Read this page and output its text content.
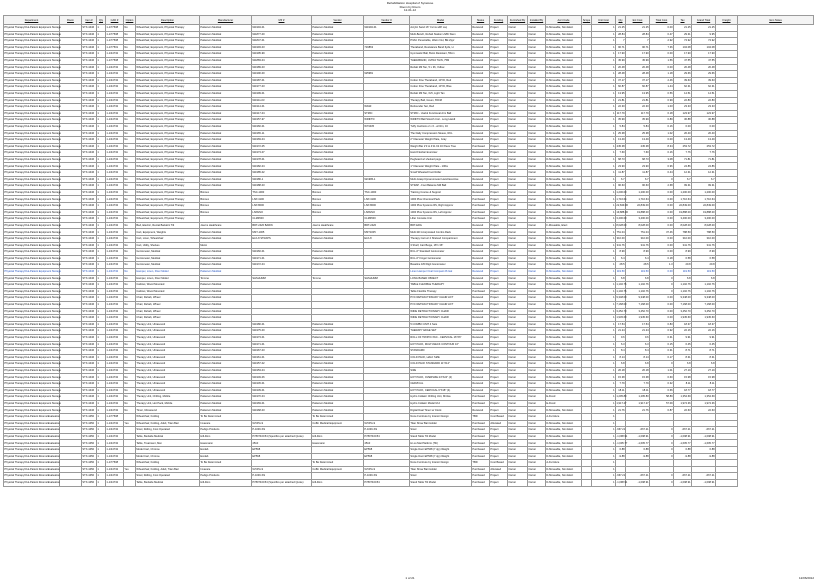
Rehabilitation Hospital of Syracuse
Room by Room
12-01-12
Department	Room	Item #	Qty	CAD #	Option	Description	Manufacturer	Mfr #	Vendor	Vendor #	Model	Status	Funding	Furnished By	Installed By	Acct Code	Scope	Unit Cost	Qty	Ext Cost	Total Cost	Tax	Grand Total	Freight	Item Notes
Physical Therapy/Out-Patient Equipment Storage		STX-4446	1	1-1/77508	No	Wheelchair, Equipment, Physical Therapy	Patterson Medical	911994-01	Patterson Medical	911994-01	Acrylic Sand 16" Cvrns wRf Lsq	Received	Project	Owner	Owner	D-Moveable, Non Elect		1	21.25	21.25	0.00	21.25	21.25		
Physical Therapy/Out-Patient Equipment Storage		STX-4446	1	1-1/77508	No	Wheelchair, Equipment, Physical Therapy	Patterson Medical	911877-00	Patterson Medical		Multi-Bench, Rehab Station Lft/Rt Stem	Received	Project	Owner	Owner	D-Moveable, Non Elect		1	28.84	28.84	0.47	29.31	9.95		
Physical Therapy/Out-Patient Equipment Storage		STX-4446	1	1-1/77508	No	Wheelchair, Equipment, Physical Therapy	Patterson Medical	911847-01	Patterson Medical		PVAC Penetrable, Warm Nul, Blk Zppr	Received	Project	Owner	Owner	D-Moveable, Non Elect		1	7	7	2.92	74.92	74.92		
Physical Therapy/Out-Patient Equipment Storage		STX-4446	1	1-1/77501	No	Wheelchair, Equipment, Physical Therapy	Patterson Medical	911993-03	Patterson Medical	716863	Theraband, Resistance Band 6yds, Lt	Received	Project	Owner	Owner	D-Moveable, Non Elect		1	96.71	96.71	7.36	104.08	104.08		
Physical Therapy/Out-Patient Equipment Storage		STX-4446	1	1-1/44732	No	Wheelchair, Equipment, Physical Therapy	Patterson Medical	911995-99	Patterson Medical		Gymnastic Ball, Burst Resistant, 55cm	Received	Project	Owner	Owner	D-Moveable, Non Elect		1	17.90	17.90	0.00	17.90	17.90		
Physical Therapy/Out-Patient Equipment Storage		STX-4446	1	1-1/77508	No	Wheelchair, Equipment, Physical Therapy	Patterson Medical	911883-04	Patterson Medical		THERABAND, ULTRA THIN, 75M	Received	Project	Owner	Owner	D-Moveable, Non Elect		1	45.99	45.99	1.56	47.55	47.55		
Physical Therapy/Out-Patient Equipment Storage		STX-4446	1	1-1/44732	No	Wheelchair, Equipment, Physical Therapy	Patterson Medical	911989-03	Patterson Medical		Rehab Mtl Tan, 5 x 36, Yellow	Received	Project	Owner	Owner	D-Moveable, Non Elect		1	20.48	20.48	0.00	20.48	20.48		
Physical Therapy/Out-Patient Equipment Storage		STX-4446	1	1-1/44732	No	Wheelchair, Equipment, Physical Therapy	Patterson Medical	911990-00	Patterson Medical	925981		Received	Project	Owner	Owner	D-Moveable, Non Elect		1	28.48	28.48	1.18	29.66	29.66		
Physical Therapy/Out-Patient Equipment Storage		STX-4446	1	1-1/44732	No	Wheelchair, Equipment, Physical Therapy	Patterson Medical	911987-01	Patterson Medical		Cotton Fine Theraband, 10YD, Red	Received	Project	Owner	Owner	D-Moveable, Non Elect		1	37.17	37.17	2.46	39.63	39.63		
Physical Therapy/Out-Patient Equipment Storage		STX-4446	1	1-1/44732	No	Wheelchair, Equipment, Physical Therapy	Patterson Medical	911977-03	Patterson Medical		Cotton Fine Theraband, 10YD, Blue	Received	Project	Owner	Owner	D-Moveable, Non Elect		1	60.87	60.87	1.44	62.31	62.31		
Physical Therapy/Out-Patient Equipment Storage		STX-4446	1	1-1/44732	No	Wheelchair, Equipment, Physical Therapy	Patterson Medical	911999-01	Patterson Medical		Rehab Mtl Tan, 6x5, Light Tan	Received	Project	Owner	Owner	D-Moveable, Non Elect		1	13.95	13.95	0.56	14.51	14.51		
Physical Therapy/Out-Patient Equipment Storage		STX-4446	1	1-1/44732	No	Wheelchair, Equipment, Physical Therapy	Patterson Medical	911911-03	Patterson Medical		Therapy Ball, Green, 65CM	Received	Project	Owner	Owner	D-Moveable, Non Elect		1	21.81	21.81	0.99	22.80	22.80		
Physical Therapy/Out-Patient Equipment Storage		STX-4446	1	1-1/44732	No	Wheelchair, Equipment, Physical Therapy	Patterson Medical	911914-01	Patterson Medical	WA93	Rebounder Set, Red	Received	Project	Owner	Owner	D-Moveable, Non Elect		1	22.30	22.30	1.03	23.33	23.33		
Physical Therapy/Out-Patient Equipment Storage		STX-4446	1	1-1/44732	No	Wheelchair, Equipment, Physical Therapy	Patterson Medical	911917-04	Patterson Medical	STMIC	STMIC - Useful Functional Arm Ball	Received	Project	Owner	Owner	D-Moveable, Non Elect		1	117.79	117.79	6.18	123.97	123.97		
Physical Therapy/Out-Patient Equipment Storage		STX-4446	1	1-1/44732	No	Wheelchair, Equipment, Physical Therapy	Patterson Medical	911957-97	Patterson Medical	WRIFTD	WRIFTD Ball Stretch Coil - Long Handl	Received	Project	Owner	Owner	D-Moveable, Non Elect		1	35.99	35.99	0.89	36.88	36.88		
Physical Therapy/Out-Patient Equipment Storage		STX-4446	1	1-1/44732	No	Wheelchair, Equipment, Physical Therapy	Patterson Medical	911960-01	Patterson Medical	W73435	Tuffy Cushions 2 x 6 - w/ Rm, 16	Received	Project	Owner	Owner	D-Moveable, Non Elect		1	5.84	5.84	0.16	6.00	6.00		
Physical Therapy/Out-Patient Equipment Storage		STX-4446	1	1-1/44732	No	Wheelchair, Equipment, Physical Therapy	Patterson Medical	911965-11	Patterson Medical		The Daily Compression Sleeve, RCL	Received	Project	Owner	Owner	D-Moveable, Non Elect		1	25.38	25.38	1.02	26.40	26.40		
Physical Therapy/Out-Patient Equipment Storage		STX-4446	1	1-1/44732	No	Wheelchair, Equipment, Physical Therapy	Patterson Medical	911969-04	Patterson Medical		2" Diameter Weight Plate, Gray	Received	Project	Owner	Owner	D-Moveable, Non Elect		1	13.49	13.49	0.00	13.49	13.49		
Physical Therapy/Out-Patient Equipment Storage		STX-4446	1	1-1/44732	No	Wheelchair, Equipment, Physical Therapy	Patterson Medical	911972-05	Patterson Medical		Weight Bar 2'3 to 4'11 Kit 16 Piece Tree	Purchased	Project	Owner	Owner	D-Moveable, Non Elect		1	245.38	245.38	8.34	253.72	253.72		
Physical Therapy/Out-Patient Equipment Storage		STX-4446	1	1-1/44732	No	Wheelchair, Equipment, Physical Therapy	Patterson Medical	911973-07	Patterson Medical		Hand Flexbar Exerciser	Received	Project	Owner	Owner	D-Moveable, Non Elect		1	7.60	7.60	0.16	7.76	7.76		
Physical Therapy/Out-Patient Equipment Storage		STX-4446	1	1-1/44732	No	Wheelchair, Equipment, Physical Therapy	Patterson Medical	911978-01	Patterson Medical		Pegboard w/ shelved pegs	Received	Project	Owner	Owner	D-Moveable, Non Elect		1	68.73	68.73	3.08	71.81	71.81		
Physical Therapy/Out-Patient Equipment Storage		STX-4446	1	1-1/44732	No	Wheelchair, Equipment, Physical Therapy	Patterson Medical	911982-04	Patterson Medical		1" Diameter Weight Plate - 10lbs	Received	Project	Owner	Owner	D-Moveable, Non Elect		1	23.90	23.90	0.96	24.86	24.86		
Physical Therapy/Out-Patient Equipment Storage		STX-4446	1	1-1/44732	No	Wheelchair, Equipment, Physical Therapy	Patterson Medical	911985-02	Patterson Medical		Small Wheeled Foot Roller	Received	Project	Owner	Owner	D-Moveable, Non Elect		1	11.87	11.87	0.44	12.31	12.31		
Physical Therapy/Out-Patient Equipment Storage		STX-4446	1	1-1/44732	No	Wheelchair, Equipment, Physical Therapy	Patterson Medical	911986-1	Patterson Medical	921995-1	Multi-Grasp Dynamometer Hand Exercise	Received	Project	Owner	Owner	D-Moveable, Non Elect		1	6.7	6.7	0	6.7	6.7		
Physical Therapy/Out-Patient Equipment Storage		STX-4446	1	1-1/44732	No	Wheelchair, Equipment, Physical Therapy	Patterson Medical	911988-03	Patterson Medical		STRAP - Foot Balance Mill Ball	Received	Project	Owner	Owner	D-Moveable, Non Elect		1	96.63	96.63	2.68	99.31	99.31		
Physical Therapy/Out-Patient Equipment Storage		STX-4446	1	1-1/44732	No	Wheelchair, Equipment, Physical Therapy	Biomex	TSC-1000	Biomex	TSC-1000	Training Course & Support	Received	Project	Owner	Owner	D-Moveable, Non Elect		1	1,200.00	1,200.00	0.00	1,200.00	1,200.00		
Physical Therapy/Out-Patient Equipment Storage		STX-4446	1	1-1/44732	No	Wheelchair, Equipment, Physical Therapy	Biomex	LSP-4100	Biomex	LSP-4100	1000 Plus Chemical Pack	Purchased	Project	Owner	Owner	D-Moveable, Non Elect		1	1,716.64	1,716.64	0.00	1,716.64	1,716.64		
Physical Therapy/Out-Patient Equipment Storage		STX-4446	1	1-1/44732	No	Wheelchair, Equipment, Physical Therapy	Biomex	LSP-8000	Biomex	LSP-8000	1000 Plus Systems RS, Right Approv	Purchased	Project	Owner	Owner	D-Moveable, Non Elect		1	22,849.00	22,849.00	0.00	22,849.00	22,849.00		
Physical Therapy/Out-Patient Equipment Storage		STX-4446	1	1-1/44732	No	Wheelchair, Equipment, Physical Therapy	Biomex	LSPHNO	Biomex	LSPHNO	1000 Plus Systems RS, Left Approv	Purchased	Project	Owner	Owner	D-Moveable, Non Elect		1	19,888.00	19,888.00	0.00	19,888.00	19,888.00		
Physical Therapy/Out-Patient Equipment Storage		STX-4446	1	1-1/44732	No	Wheelchair, Equipment, Physical Therapy		CLM4500		CLM4500	Lifter Console Unit	Purchased	Project	Owner	Owner	D-Moveable, Non Elect		1	3,400.00	3,400.00	0.00	3,400.00	3,400.00		
Physical Therapy/Out-Patient Equipment Storage		STX-4446	1	1-1/44732	No	Bed, Electric, Rental Bariatric Tilt	Joerns Healthcare	BRT-2420 BARIN	Joerns Healthcare	BRT-2420	BRT-ERG	Received	Project	Owner	Owner	F-Moveable, Elect		1	8,028.00	8,028.00	0.00	8,028.00	8,028.00		
Physical Therapy/Out-Patient Equipment Storage		STX-4446	1	1-1/44732	No	Cart, Equipment, Weights	Patterson Medical	MST-1005	Patterson Medical	MST1005	Multi-Wt Incorporated Combo Rack	Received	Project	Owner	Owner	D-Moveable, Non Elect		1	751.04	751.04	37.46	788.50	788.50		
Physical Therapy/Out-Patient Equipment Storage		STX-4446	1	1-1/44732	No	Cart, Linen, Wheelchair	Patterson Medical	ELK-8 STRAPS	Patterson Medical	ELK-8	Therapy Cart w/ 4 Shelved Compartment	Received	Project	Owner	Owner	D-Moveable, Non Elect		1	310.00	310.00	0.00	310.00	310.00		
Physical Therapy/Out-Patient Equipment Storage		STX-4446	1	1-1/44732	No	Cart, Utility, Shelves	Metro				3 Shelf, Cart Beige, 18"x 36"	Received	Project	Owner	Owner	D-Moveable, Non Elect		1	341.76	341.76	0.00	341.76	341.76		
Physical Therapy/Out-Patient Equipment Storage		STX-4446	1	1-1/44732	No	Goniometer, Medical	Patterson Medical	911960-01	Patterson Medical		RCL-6" Standard Goniometer	Received	Project	Owner	Owner	D-Moveable, Non Elect		1	8.99	8.99	0.00	8.99	8.99		
Physical Therapy/Out-Patient Equipment Storage		STX-4446	1	1-1/44732	No	Goniometer, Medical	Patterson Medical	911971-01	Patterson Medical		RCL-6" Finger Goniometer	Received	Project	Owner	Owner	D-Moveable, Non Elect		1	6.4	6.4	0.18	6.58	6.58		
Physical Therapy/Out-Patient Equipment Storage		STX-4446	1	1-1/44732	No	Goniometer, Medical	Patterson Medical	911972-04	Patterson Medical		Baseline 180 Digit Goniometer	Received	Project	Owner	Owner	D-Moveable, Non Elect		1	28.5	28.5	1.3	29.8	29.8		
Physical Therapy/Out-Patient Equipment Storage		STX-4446	1	1-1/44732	No	Hamper, Linen, Floor Model	Patterson Medical				Linen Hamper Oval Compact 26 Gal	Received	Project	Owner	Owner	D-Moveable, Non Elect		1	119.50	119.50	0.00	119.50	119.50		
Physical Therapy/Out-Patient Equipment Storage		STX-4446	1	1-1/44732	No	Hamper, Linen, Floor Model	Tomme	SHSHUMM	Tomme	SHSHUMM	LONG BASED OBJECT	Received	Project	Owner	Owner	D-Moveable, Non Elect		1	6.8	6.8	0	6.8	6.8		
Physical Therapy/Out-Patient Equipment Storage		STX-4446	1	1-1/44732	No	Cabinet, Wood Mounted	Patterson Medical				TABLE FLEXIBLE THERAPY	Received	Project	Owner	Owner	D-Moveable, Non Elect		1	1,102.76	1,102.76	0	1,102.76	1,102.76		
Physical Therapy/Out-Patient Equipment Storage		STX-4446	1	1-1/44732	No	Cabinet, Wood Mounted	Patterson Medical				Table Flexible Therapy	Purchased	Project	Owner	Owner	D-Moveable, Non Elect		1	1,102.76	1,102.76	0	1,102.76	1,102.76		
Physical Therapy/Out-Patient Equipment Storage		STX-4446	1	1-1/44732	No	Chair, Rehab, Wheel	Patterson Medical				PVC RETRACTIONARY CHAIR LIFT	Received	Project	Owner	Owner	D-Moveable, Non Elect		1	9,348.00	9,348.00	0.00	9,348.00	9,348.00		
Physical Therapy/Out-Patient Equipment Storage		STX-4446	1	1-1/44732	No	Chair, Rehab, Wheel	Patterson Medical				PVC RETRACTIONARY CHAIR LIFT	Received	Project	Owner	Owner	D-Moveable, Non Elect		1	7,168.00	7,168.00	0.00	7,168.00	7,168.00		
Physical Therapy/Out-Patient Equipment Storage		STX-4446	1	1-1/44732	No	Chair, Rehab, Wheel	Patterson Medical				WIDE RETRACTIONARY CHAIR	Received	Project	Owner	Owner	D-Moveable, Non Elect		1	3,452.70	3,452.70	0.00	3,452.70	3,452.70		
Physical Therapy/Out-Patient Equipment Storage		STX-4446	1	1-1/44732	No	Chair, Rehab, Wheel	Patterson Medical				WIDE RETRACTIONARY CHAIR	Received	Project	Owner	Owner	D-Moveable, Non Elect		1	1,945.60	1,945.60	0.00	1,945.60	1,945.60		
Physical Therapy/Out-Patient Equipment Storage		STX-4446	1	1-1/44732	No	Therapy Unit, Ultrasound	Patterson Medical	911980-01	Patterson Medical		5 COMBO UNIT 4 Sets	Received	Project	Owner	Owner	D-Moveable, Non Elect		1	17.54	17.54	0.83	18.37	18.37		
Physical Therapy/Out-Patient Equipment Storage		STX-4446	1	1-1/44732	No	Therapy Unit, Ultrasound	Patterson Medical	911975-00	Patterson Medical		THERAPY EDGE SET	Received	Project	Owner	Owner	D-Moveable, Non Elect		1	21.24	21.24	0.92	22.16	22.16		
Physical Therapy/Out-Patient Equipment Storage		STX-4446	1	1-1/44732	No	Therapy Unit, Ultrasound	Patterson Medical	911973-01	Patterson Medical		ROLL OF TROPIC PAC - CERVICAL 16"X6"	Received	Project	Owner	Owner	D-Moveable, Non Elect		1	9.6	9.6	0.31	9.91	9.91		
Physical Therapy/Out-Patient Equipment Storage		STX-4446	1	1-1/44732	No	Therapy Unit, Ultrasound	Patterson Medical	911971-01	Patterson Medical		HOT PACK, MULTI-NECK CONTOUR 16"	Received	Project	Owner	Owner	D-Moveable, Non Elect		1	6.3	6.3	0.15	6.45	6.45		
Physical Therapy/Out-Patient Equipment Storage		STX-4446	1	1-1/44732	No	Therapy Unit, Ultrasound	Patterson Medical	911967-03	Patterson Medical		STANDARD	Received	Project	Owner	Owner	D-Moveable, Non Elect		1	8.4	8.4	0.31	8.71	8.71		
Physical Therapy/Out-Patient Equipment Storage		STX-4446	1	1-1/44732	No	Therapy Unit, Ultrasound	Patterson Medical	911961-01	Patterson Medical		COLD PACK, HALF SIZE	Received	Project	Owner	Owner	D-Moveable, Non Elect		1	8.14	8.14	0.17	8.31	8.31		
Physical Therapy/Out-Patient Equipment Storage		STX-4446	1	1-1/44732	No	Therapy Unit, Ultrasound	Patterson Medical	911957-02	Patterson Medical		COLD PACK STANDARD 11"X14"	Received	Project	Owner	Owner	D-Moveable, Non Elect		1	6.8	6.8	0	6.8	6.8		
Physical Therapy/Out-Patient Equipment Storage		STX-4446	1	1-1/44732	No	Therapy Unit, Ultrasound	Patterson Medical	911953-04	Patterson Medical		SIZE	Received	Project	Owner	Owner	D-Moveable, Non Elect		1	26.18	26.18	1.01	27.19	27.19		
Physical Therapy/Out-Patient Equipment Storage		STX-4446	1	1-1/44732	No	Therapy Unit, Ultrasound	Patterson Medical	911949-06	Patterson Medical		HOT PACK, OVERSIZE 24"X24" (4)	Received	Project	Owner	Owner	D-Moveable, Non Elect		1	15.38	15.38	0.60	15.98	15.98		
Physical Therapy/Out-Patient Equipment Storage		STX-4446	1	1-1/44732	No	Therapy Unit, Ultrasound	Patterson Medical	911945-01	Patterson Medical		CERVICAL	Received	Project	Owner	Owner	D-Moveable, Non Elect		1	7.79	7.79	0.32	8.11	8.11		
Physical Therapy/Out-Patient Equipment Storage		STX-4446	1	1-1/44732	No	Therapy Unit, Ultrasound	Patterson Medical	911939-01	Patterson Medical		HOT PACK, CERVICAL 6"X18" (4)	Received	Project	Owner	Owner	D-Moveable, Non Elect		1	18.11	18.11	0.66	18.77	18.77		
Physical Therapy/Out-Patient Equipment Storage		STX-4446	1	1-1/44732	No	Therapy Unit, Chilling, Mobile	Patterson Medical	911970-04	Patterson Medical		Hydro Collator Chilling Unit, M4 Ea	Purchased	Project	Owner	Owner	E-Fixed		1	1,295.80	1,295.80	58.89	1,354.69	1,354.69		
Physical Therapy/Out-Patient Equipment Storage		STX-4446	1	1-1/44732	No	Therapy Unit, Hot Pack, Mobile	Patterson Medical	911969-01	Patterson Medical		Hydro Collator Model M-2	Purchased	Project	Owner	Owner	E-Fixed		1	1,917.27	1,917.27	57.09	1,974.36	1,974.36		
Physical Therapy/Out-Patient Equipment Storage		STX-4446	1	1-1/44732	No	Timer, Ultrasound	Patterson Medical	911968-03	Patterson Medical		Digital Dual Timer w/ Clock	Received	Project	Owner	Owner	D-Moveable, Non Elect		1	21.76	21.76	0.87	22.63	22.63		
Physical Therapy/Out-Patient Rooms/Evaluation		STX-4450	1	1-1/77508		Wheelchair, Folding	To Be Determined		To Be Determined		None Furniture by Interior Design	TBD	Cost Based	Owner	Owner	A-Furniture		1							
Physical Therapy/Out-Patient Rooms/Evaluation		STX-4450	1	1-1/44732	Yes	Wheelchair, Folding, Adult, Titan Bari	Invacare	9VCPA-9	Coffin Medical Equipment	9VCPA-9	Titan Show Bari Holder	Purchased	Allocated	Owner	Owner	D-Moveable, Non Elect		1							
Physical Therapy/Out-Patient Rooms/Evaluation		STX-4450	1	1-1/44732		Stool, Rolling, Foot Operated	Pedigo Products	P-1046-SS		P-1046-SS	Stool	Purchased	Project	Owner	Owner	D-Moveable, Non Elect		1	-667.21	-667.21	0	-667.21	-667.21		
Physical Therapy/Out-Patient Rooms/Evaluation		STX-4450	1	1-1/44732		Table, Bedside Medical	Hill-Rom	P7807F2C54 (Specifics per attached Quote)	Hill-Rom	P7807F2C54	Stand Table Tilt Model	Purchased	Project	Owner	Owner	D-Moveable, Non Elect		1	-1,098.91	-1,098.91	0	-1,098.91	-1,098.91		
Physical Therapy/Out-Patient Rooms/Evaluation		STX-4450	1	1-1/44732		Table, Treatment, Mat	Hausmann	4510	Hausmann	4510	Hi-Lo Mat Platform (Tilt)	Purchased	Project	Owner	Owner	D-Moveable, Non Elect		1	-1,605.77	-1,605.77	0	-1,605.77	-1,605.77		
Physical Therapy/Out-Patient Rooms/Evaluation		STX-4450	1	1-1/44732		Model Cart, Chrome	Ecolab	EP568		EP568	Single Door EP568 (7 qty) Weight	Purchased	Project	Owner	Owner	D-Moveable, Non Elect		1	6.88	6.88	0	6.88	6.88		
Physical Therapy/Out-Patient Rooms/Evaluation		STX-4450	1	1-1/44732		Model Cart, Chrome	Ecolab	EP568		EP568	Single Door EP568 (7 qty) Weight	Purchased	Project	Owner	Owner	D-Moveable, Non Elect		1	-9.88	-9.88	0	-9.88	-9.88		
Physical Therapy/Out-Patient Rooms/Evaluation		STX-4450	1	1-1/77508		Wheelchair, Folding	To Be Determined		To Be Determined		None Furniture by Interior Design	TBD	Cost Based	Owner	Owner	A-Furniture		1							
Physical Therapy/Out-Patient Rooms/Evaluation		STX-4450	1	1-1/44732	Yes	Wheelchair, Folding, Adult, Titan Bari	Invacare	9VCPA-9	Coffin Medical Equipment	9VCPA-9	Titan Show Bari Holder	Purchased	Allocated	Owner	Owner	D-Moveable, Non Elect		1							
Physical Therapy/Out-Patient Rooms/Evaluation		STX-4450	1	1-1/44732		Stool, Rolling, Foot Operated	Pedigo Products	P-1046-SS		P-1046-SS	Stool	Purchased	Project	Owner	Owner	D-Moveable, Non Elect		1	-667.21	-667.21	0	-667.21	-667.21		
Physical Therapy/Out-Patient Rooms/Evaluation		STX-4450	1	1-1/44732		Table, Bedside Medical	Hill-Rom	P7807F2C54 (Specifics per attached Quote)	Hill-Rom	P7807F2C54	Stand Table Tilt Model	Purchased	Project	Owner	Owner	D-Moveable, Non Elect		1	-1,098.91	-1,098.91	0	-1,098.91	-1,098.91		
1 of 21	12/06/2012
